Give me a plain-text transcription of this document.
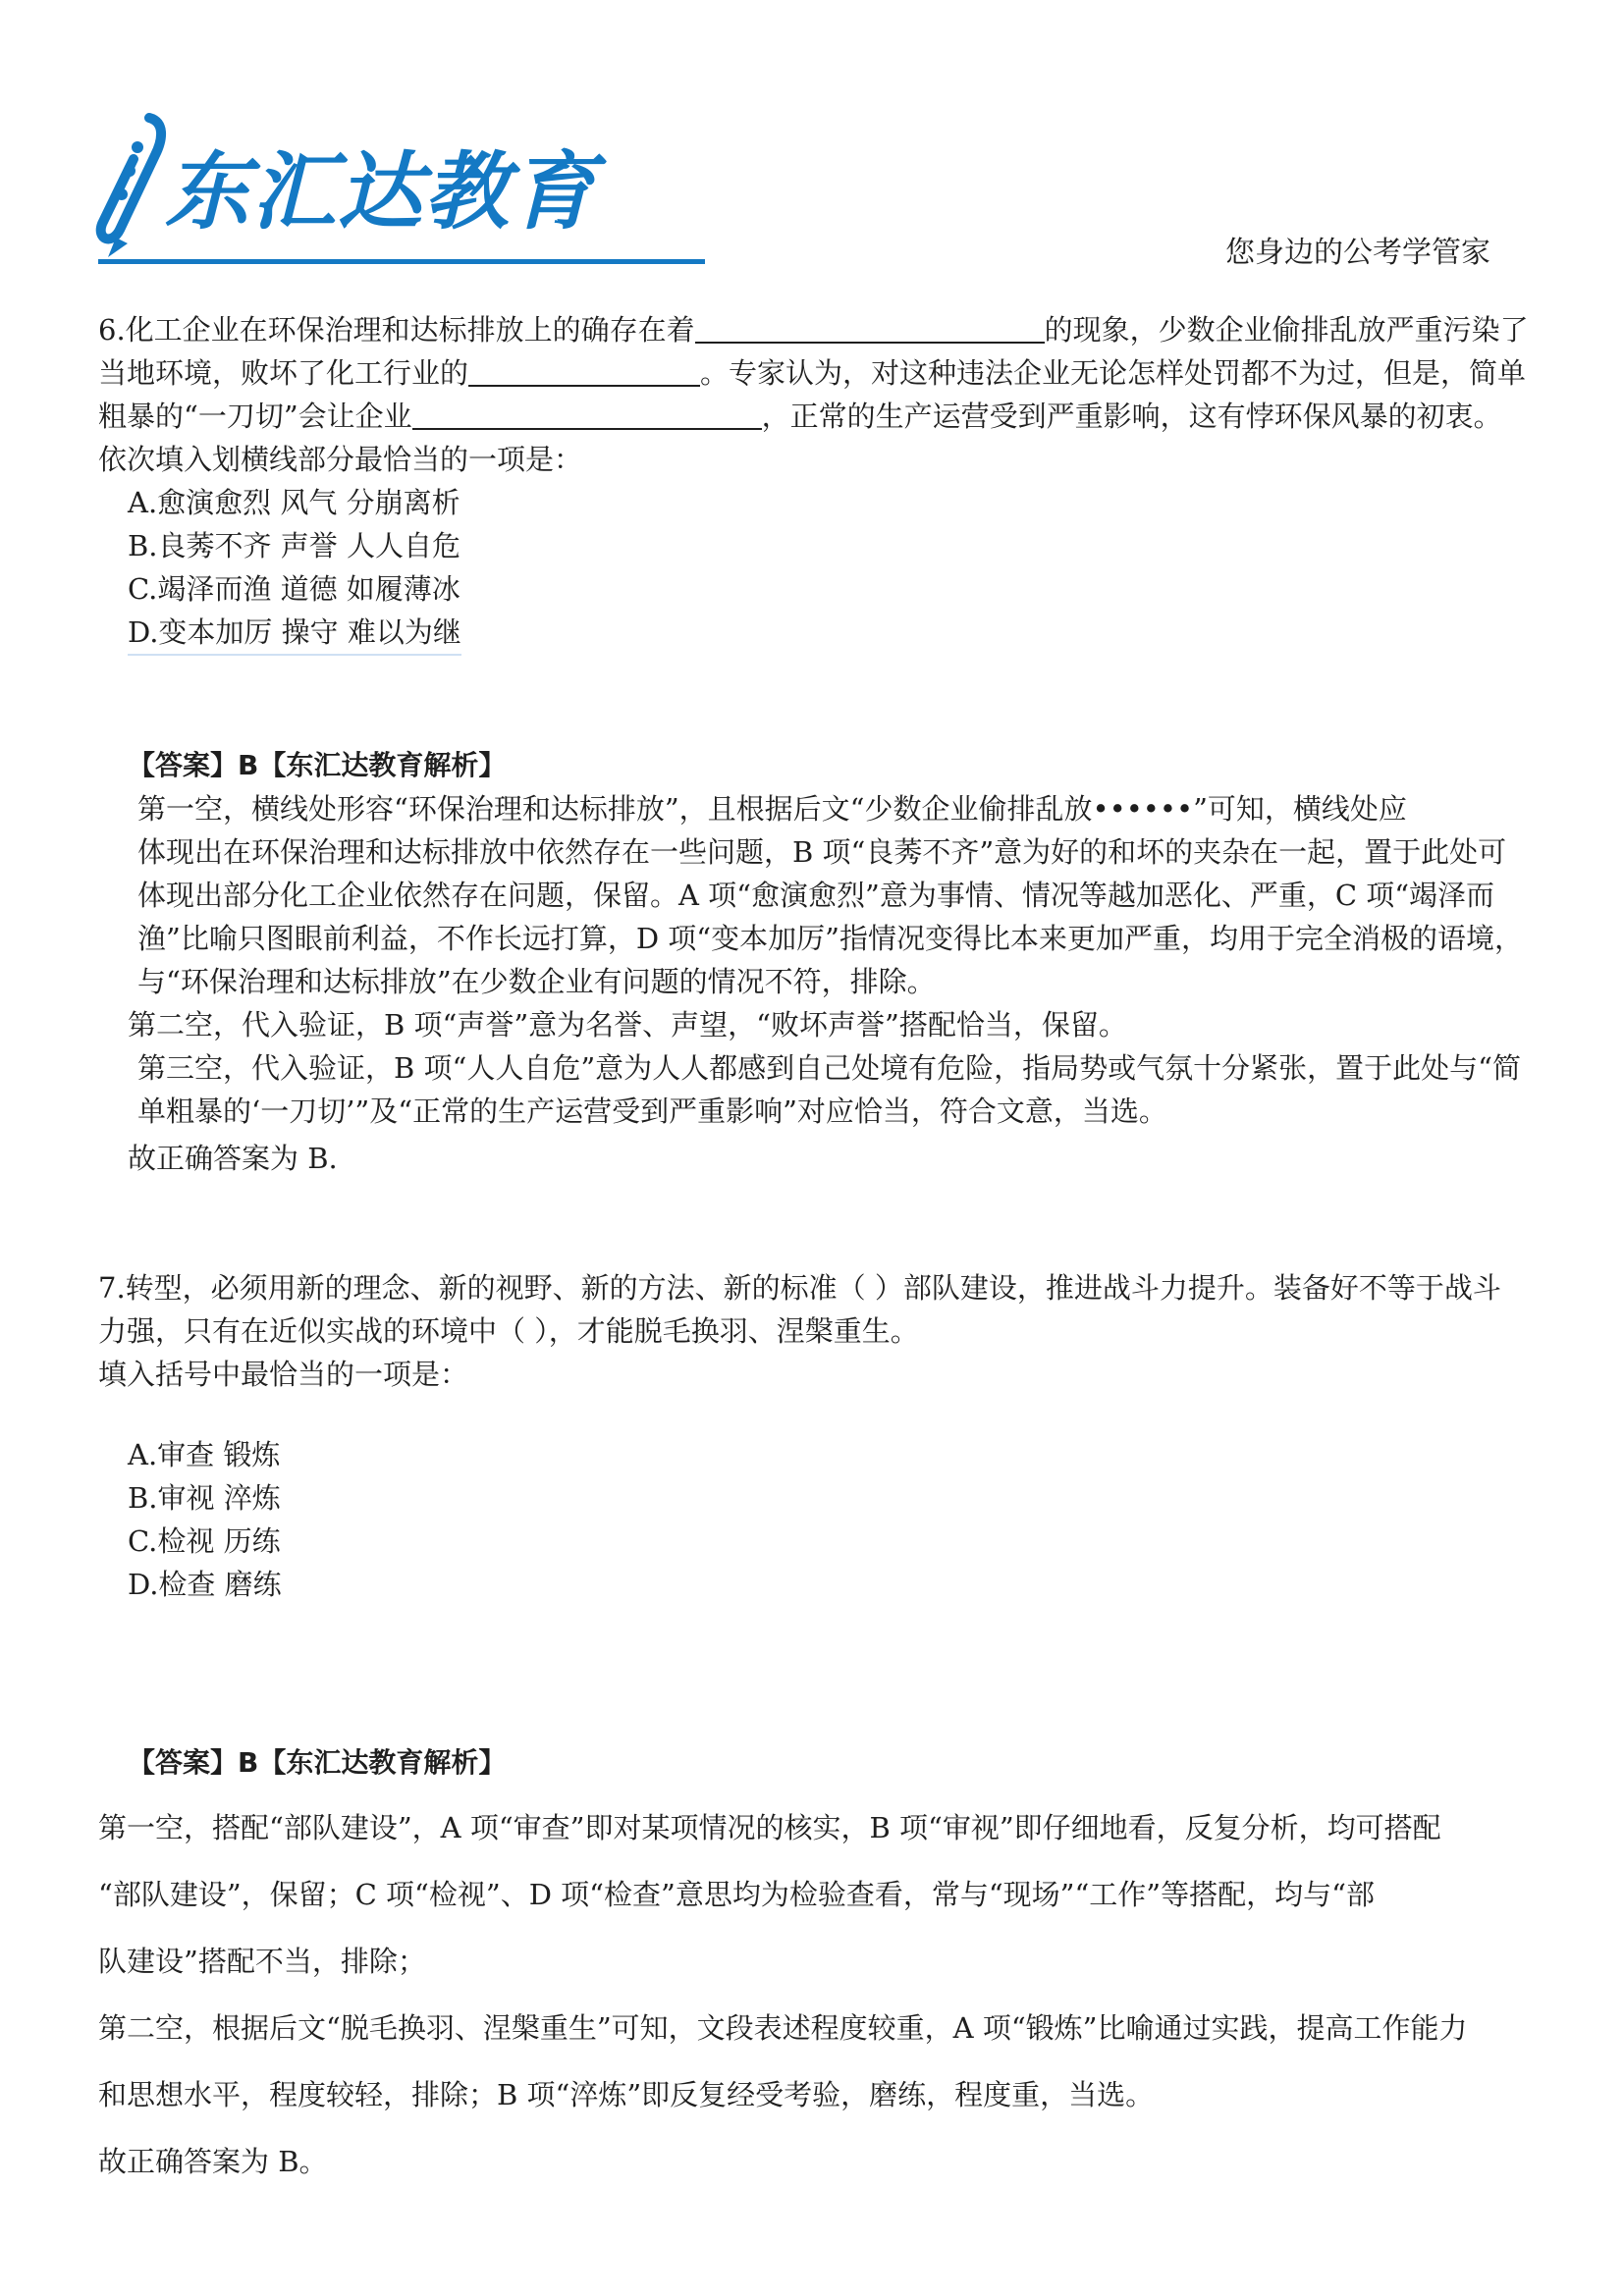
东汇达教育
您身边的公考学管家
6.化工企业在环保治理和达标排放上的确存在着	的现象，少数企业偷排乱放严重污染了
当地环境，败坏了化工行业的	。专家认为，对这种违法企业无论怎样处罚都不为过，但是，简单
粗暴的“一刀切”会让企业	，正常的生产运营受到严重影响，这有悖环保风暴的初衷。
依次填入划横线部分最恰当的一项是：
A.愈演愈烈 风气 分崩离析
B.良莠不齐 声誉 人人自危
C.竭泽而渔 道德 如履薄冰
D.变本加厉 操守 难以为继
【答案】B【东汇达教育解析】
第一空，横线处形容“环保治理和达标排放”，且根据后文“少数企业偷排乱放••••••”可知，横线处应
体现出在环保治理和达标排放中依然存在一些问题，B 项“良莠不齐”意为好的和坏的夹杂在一起，置于此处可
体现出部分化工企业依然存在问题，保留。A 项“愈演愈烈”意为事情、情况等越加恶化、严重，C 项“竭泽而
渔”比喻只图眼前利益，不作长远打算，D 项“变本加厉”指情况变得比本来更加严重，均用于完全消极的语境，
与“环保治理和达标排放”在少数企业有问题的情况不符，排除。
第二空，代入验证，B 项“声誉”意为名誉、声望，“败坏声誉”搭配恰当，保留。
第三空，代入验证，B 项“人人自危”意为人人都感到自己处境有危险，指局势或气氛十分紧张，置于此处与“简
单粗暴的‘一刀切’”及“正常的生产运营受到严重影响”对应恰当，符合文意，当选。
故正确答案为 B.
7.转型，必须用新的理念、新的视野、新的方法、新的标准（ ）部队建设，推进战斗力提升。装备好不等于战斗
力强，只有在近似实战的环境中（ ），才能脱毛换羽、涅槃重生。
填入括号中最恰当的一项是：
A.审查 锻炼
B.审视 淬炼
C.检视 历练
D.检查 磨练
【答案】B【东汇达教育解析】
第一空，搭配“部队建设”，A 项“审查”即对某项情况的核实，B 项“审视”即仔细地看，反复分析，均可搭配
“部队建设”，保留；C 项“检视”、D 项“检查”意思均为检验查看，常与“现场”“工作”等搭配，均与“部
队建设”搭配不当，排除；
第二空，根据后文“脱毛换羽、涅槃重生”可知，文段表述程度较重，A 项“锻炼”比喻通过实践，提高工作能力
和思想水平，程度较轻，排除；B 项“淬炼”即反复经受考验，磨练，程度重，当选。
故正确答案为 B。
